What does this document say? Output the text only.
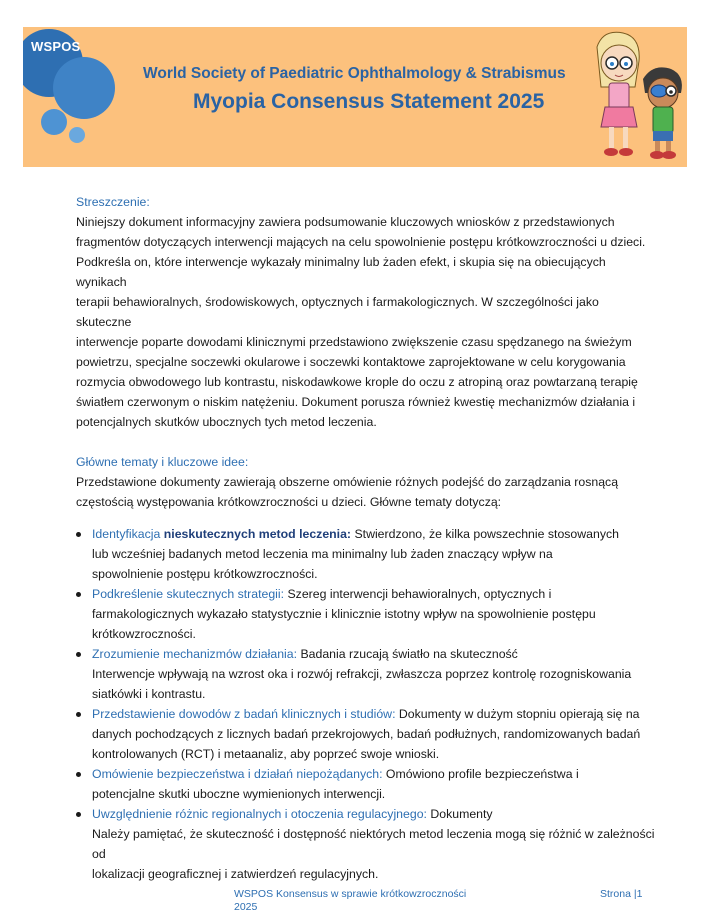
WSPOS
World Society of Paediatric Ophthalmology & Strabismus
Myopia Consensus Statement 2025
Streszczenie:
Niniejszy dokument informacyjny zawiera podsumowanie kluczowych wniosków z przedstawionych
fragmentów dotyczących interwencji mających na celu spowolnienie postępu krótkowzroczności u dzieci.
Podkreśla on, które interwencje wykazały minimalny lub żaden efekt, i skupia się na obiecujących wynikach
terapii behawioralnych, środowiskowych, optycznych i farmakologicznych. W szczególności jako skuteczne
interwencje poparte dowodami klinicznymi przedstawiono zwiększenie czasu spędzanego na świeżym
powietrzu, specjalne soczewki okularowe i soczewki kontaktowe zaprojektowane w celu korygowania
rozmycia obwodowego lub kontrastu, niskodawkowe krople do oczu z atropiną oraz powtarzaną terapię
światłem czerwonym o niskim natężeniu. Dokument porusza również kwestię mechanizmów działania i
potencjalnych skutków ubocznych tych metod leczenia.
Główne tematy i kluczowe idee:
Przedstawione dokumenty zawierają obszerne omówienie różnych podejść do zarządzania rosnącą
częstością występowania krótkowzroczności u dzieci. Główne tematy dotyczą:
Identyfikacja nieskutecznych metod leczenia: Stwierdzono, że kilka powszechnie stosowanych
lub wcześniej badanych metod leczenia ma minimalny lub żaden znaczący wpływ na
spowolnienie postępu krótkowzroczności.
Podkreślenie skutecznych strategii: Szereg interwencji behawioralnych, optycznych i
farmakologicznych wykazało statystycznie i klinicznie istotny wpływ na spowolnienie postępu
krótkowzroczności.
Zrozumienie mechanizmów działania: Badania rzucają światło na skuteczność
Interwencje wpływają na wzrost oka i rozwój refrakcji, zwłaszcza poprzez kontrolę rozogniskowania
siatkówki i kontrastu.
Przedstawienie dowodów z badań klinicznych i studiów: Dokumenty w dużym stopniu opierają się na
danych pochodzących z licznych badań przekrojowych, badań podłużnych, randomizowanych badań
kontrolowanych (RCT) i metaanaliz, aby poprzeć swoje wnioski.
Omówienie bezpieczeństwa i działań niepożądanych: Omówiono profile bezpieczeństwa i
potencjalne skutki uboczne wymienionych interwencji.
Uwzględnienie różnic regionalnych i otoczenia regulacyjnego: Dokumenty
Należy pamiętać, że skuteczność i dostępność niektórych metod leczenia mogą się różnić w zależności od
lokalizacji geograficznej i zatwierdzeń regulacyjnych.
WSPOS Konsensus w sprawie krótkowzroczności
2025
Strona |1
